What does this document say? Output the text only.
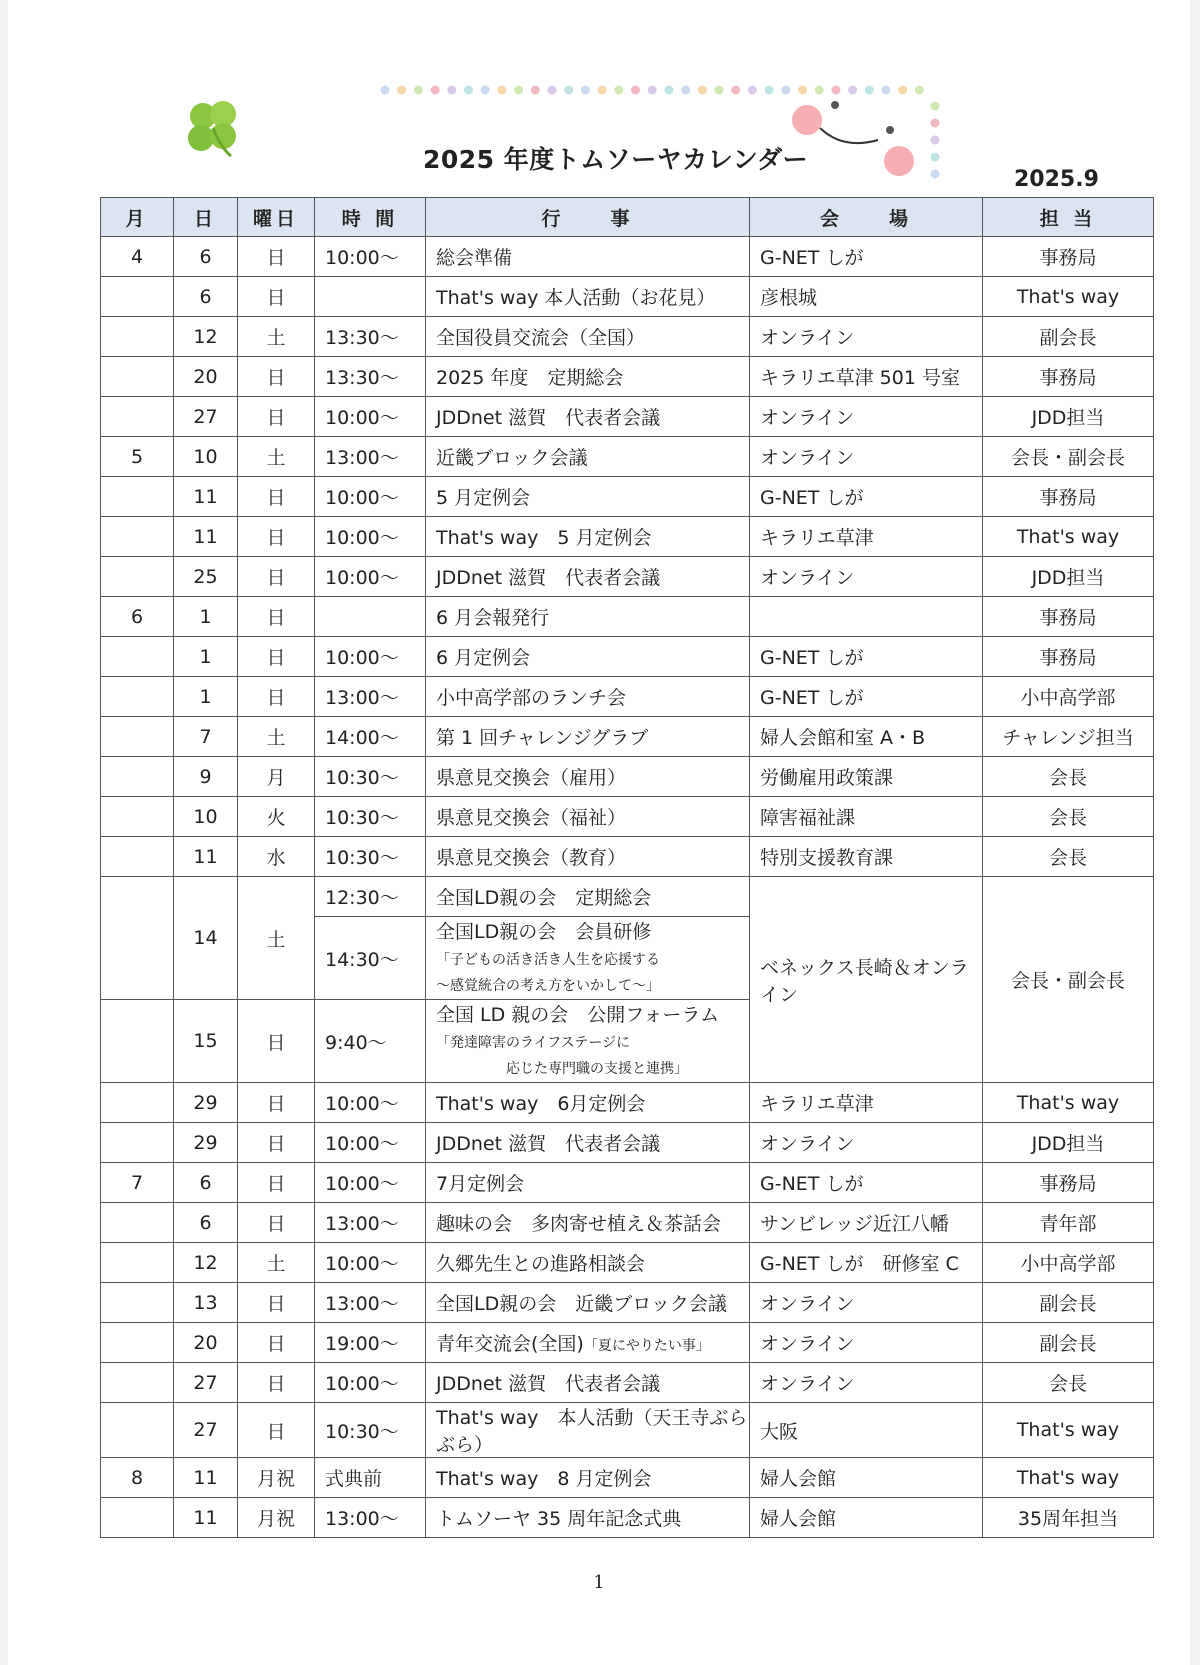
2025 年度トムソーヤカレンダー
2025.9
月	日	曜日	時 間	行　　事	会　　場	担 当
4	6	日	10:00～	総会準備	G-NET しが	事務局
	6	日		That's way 本人活動（お花見）	彦根城	That's way
	12	土	13:30～	全国役員交流会（全国）	オンライン	副会長
	20	日	13:30～	2025 年度　定期総会	キラリエ草津 501 号室	事務局
	27	日	10:00～	JDDnet 滋賀　代表者会議	オンライン	JDD担当
5	10	土	13:00～	近畿ブロック会議	オンライン	会長・副会長
	11	日	10:00～	5 月定例会	G-NET しが	事務局
	11	日	10:00～	That's way　5 月定例会	キラリエ草津	That's way
	25	日	10:00～	JDDnet 滋賀　代表者会議	オンライン	JDD担当
6	1	日		6 月会報発行		事務局
	1	日	10:00～	6 月定例会	G-NET しが	事務局
	1	日	13:00～	小中高学部のランチ会	G-NET しが	小中高学部
	7	土	14:00～	第 1 回チャレンジグラブ	婦人会館和室 A・B	チャレンジ担当
	9	月	10:30～	県意見交換会（雇用）	労働雇用政策課	会長
	10	火	10:30～	県意見交換会（福祉）	障害福祉課	会長
	11	水	10:30～	県意見交換会（教育）	特別支援教育課	会長
	14	土	12:30～	全国LD親の会　定期総会	ベネックス長崎＆オンライン	会長・副会長
			14:30～	全国LD親の会　会員研修
「子どもの活き活き人生を応援する
～感覚統合の考え方をいかして～」		

	15	日	9:40～	全国 LD 親の会　公開フォーラム
「発達障害のライフステージに
応じた専門職の支援と連携」		

	29	日	10:00～	That's way　6月定例会	キラリエ草津	That's way
	29	日	10:00～	JDDnet 滋賀　代表者会議	オンライン	JDD担当
7	6	日	10:00～	7月定例会	G-NET しが	事務局
	6	日	13:00～	趣味の会　多肉寄せ植え＆茶話会	サンビレッジ近江八幡	青年部
	12	土	10:00～	久郷先生との進路相談会	G-NET しが　研修室 C	小中高学部
	13	日	13:00～	全国LD親の会　近畿ブロック会議	オンライン	副会長
	20	日	19:00～	青年交流会(全国)「夏にやりたい事」	オンライン	副会長
	27	日	10:00～	JDDnet 滋賀　代表者会議	オンライン	会長
	27	日	10:30～	That's way　本人活動（天王寺ぶらぶら）	大阪	That's way
8	11	月祝	式典前	That's way　8 月定例会	婦人会館	That's way
	11	月祝	13:00～	トムソーヤ 35 周年記念式典	婦人会館	35周年担当
1
